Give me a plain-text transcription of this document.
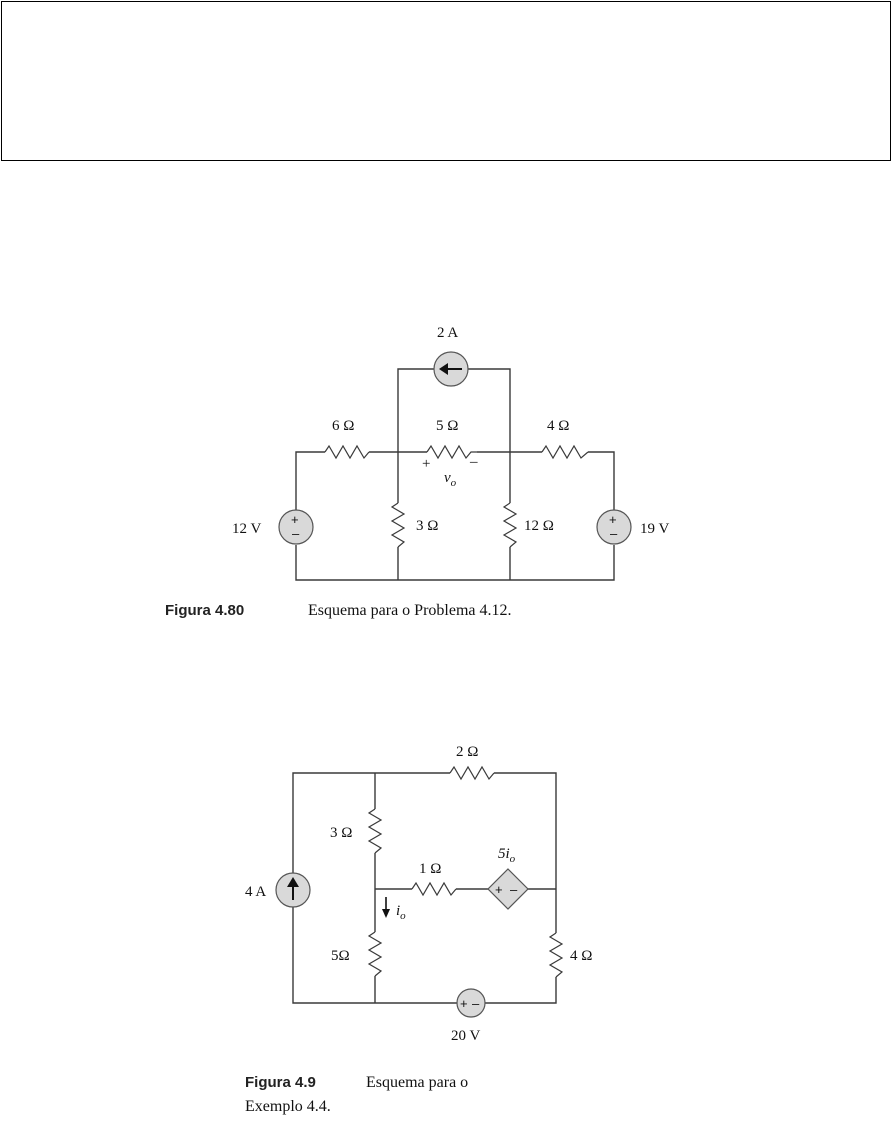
+
–
+
–
2 A
6 Ω	5 Ω	4 Ω
+	–
$v_o$
12 V	3 Ω	12 Ω	19 V
Figura 4.80	Esquema para o Problema 4.12.
+ –
+ –
2 Ω
3 Ω
1 Ω
$5i_o$
4 A
$i_o$
5Ω	4 Ω
20 V
Figura 4.9	Esquema para o
Exemplo 4.4.
